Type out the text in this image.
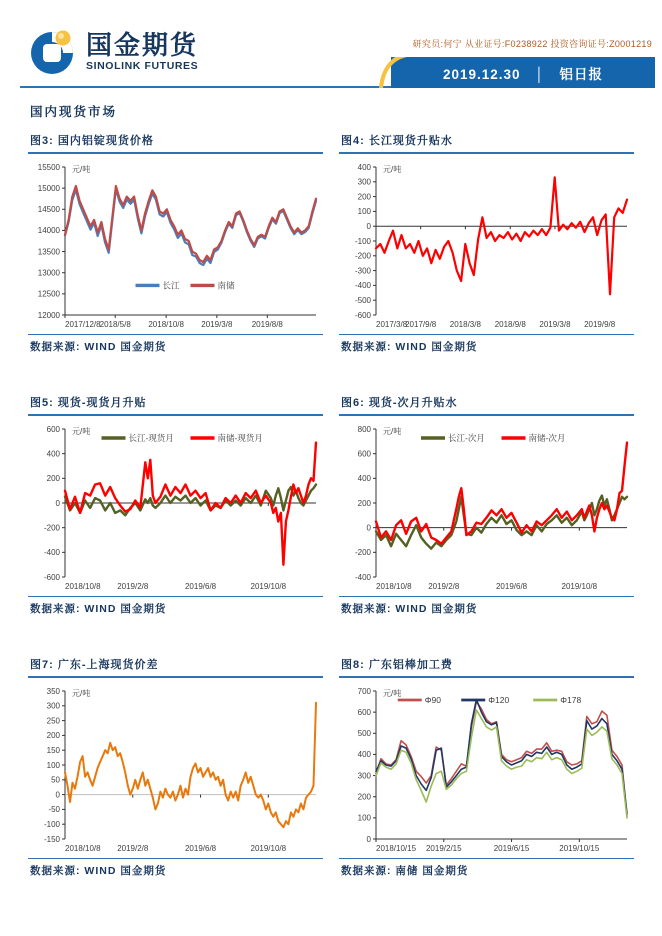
国金期货
SINOLINK FUTURES
研究员:何宁 从业证号:F0238922 投资咨询证号:Z0001219
2019.12.30 │ 铝日报
国内现货市场
图3: 国内铝锭现货价格
12000
12500
13000
13500
14000
14500
15000
15500
2017/12/8 2018/5/8 2018/10/8 2019/3/8 2019/8/8
元/吨
长江	南储
数据来源: WIND 国金期货
图4: 长江现货升贴水
-600
-500
-400
-300
-200
-100
0
100
200
300
400
2017/3/8
2017/9/8 2018/3/8 2018/9/8 2019/3/8 2019/9/8
元/吨
数据来源: WIND 国金期货
图5: 现货-现货月升贴
-600
-400
-200
0
200
400
600
2018/10/8 2019/2/8	2019/6/8	2019/10/8
元/吨
长江-现货月	南储-现货月
数据来源: WIND 国金期货
图6: 现货-次月升贴水
-400
-200
0
200
400
600
800
2018/10/8 2019/2/8	2019/6/8	2019/10/8
元/吨
长江-次月	南储-次月
数据来源: WIND 国金期货
图7: 广东-上海现货价差
-150
-100
-50
0
50
100
150
200
250
300
350
2018/10/8 2019/2/8	2019/6/8	2019/10/8
元/吨
数据来源: WIND 国金期货
图8: 广东铝棒加工费
0
100
200
300
400
500
600
700
2018/10/15 2019/2/15	2019/6/15	2019/10/15
元/吨
Φ90	Φ120	Φ178
数据来源: 南储 国金期货
